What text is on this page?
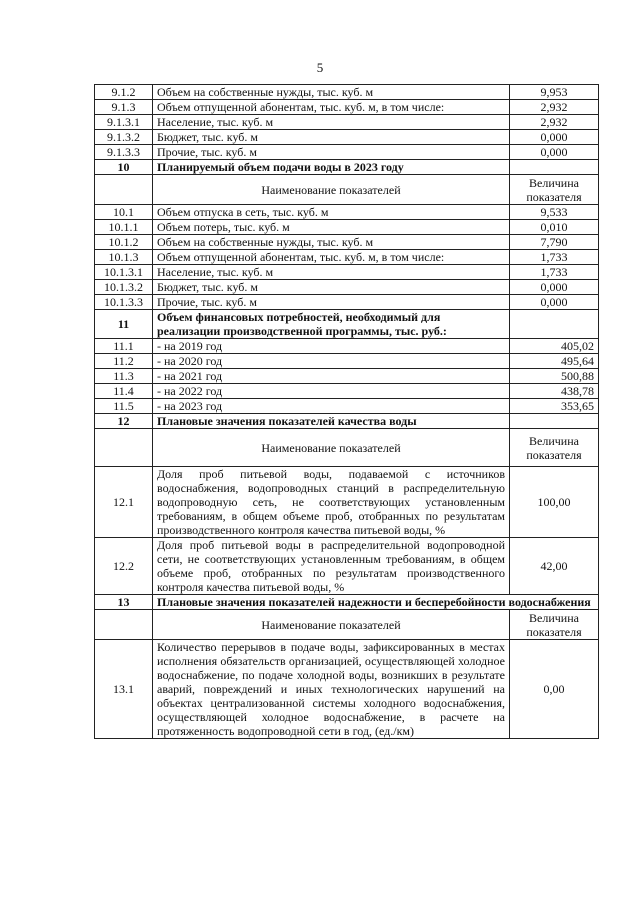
5
9.1.2	Объем на собственные нужды, тыс. куб. м	9,953
9.1.3	Объем отпущенной абонентам, тыс. куб. м, в том числе:	2,932
9.1.3.1	Население, тыс. куб. м	2,932
9.1.3.2	Бюджет, тыс. куб. м	0,000
9.1.3.3	Прочие, тыс. куб. м	0,000
10	Планируемый объем подачи воды в 2023 году	
	Наименование показателей	Величина показателя
10.1	Объем отпуска в сеть, тыс. куб. м	9,533
10.1.1	Объем потерь, тыс. куб. м	0,010
10.1.2	Объем на собственные нужды, тыс. куб. м	7,790
10.1.3	Объем отпущенной абонентам, тыс. куб. м, в том числе:	1,733
10.1.3.1	Население, тыс. куб. м	1,733
10.1.3.2	Бюджет, тыс. куб. м	0,000
10.1.3.3	Прочие, тыс. куб. м	0,000
11	Объем финансовых потребностей, необходимый для реализации производственной программы, тыс. руб.:	
11.1	- на 2019 год	405,02
11.2	- на 2020 год	495,64
11.3	- на 2021 год	500,88
11.4	- на 2022 год	438,78
11.5	- на 2023 год	353,65
12	Плановые значения показателей качества воды	
	Наименование показателей	Величина показателя
12.1	Доля проб питьевой воды, подаваемой с источников водоснабжения, водопроводных станций в распределительную водопроводную сеть, не соответствующих установленным требованиям, в общем объеме проб, отобранных по результатам производственного контроля качества питьевой воды, %	100,00
12.2	Доля проб питьевой воды в распределительной водопроводной сети, не соответствующих установленным требованиям, в общем объеме проб, отобранных по результатам производственного контроля качества питьевой воды, %	42,00
13	Плановые значения показателей надежности и бесперебойности водоснабжения	
	Наименование показателей	Величина показателя
13.1	Количество перерывов в подаче воды, зафиксированных в местах исполнения обязательств организацией, осуществляющей холодное водоснабжение, по подаче холодной воды, возникших в результате аварий, повреждений и иных технологических нарушений на объектах централизованной системы холодного водоснабжения, осуществляющей холодное водоснабжение, в расчете на протяженность водопроводной сети в год, (ед./км)	0,00
